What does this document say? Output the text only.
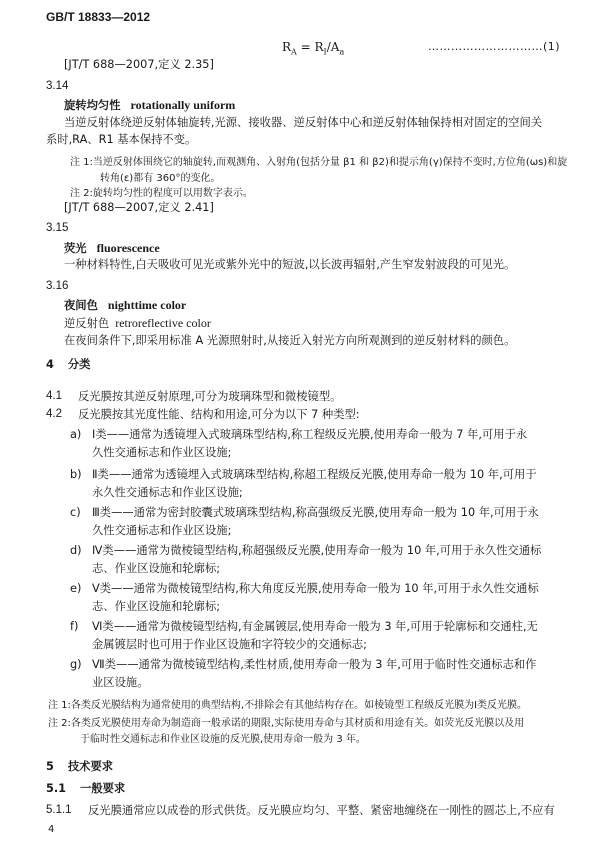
GB/T 18833—2012
$R_A = R_I/A_a$	…………………………(1)
[JT/T 688—2007,定义 2.35]
3.14
旋转均匀性 rotationally uniform
当逆反射体绕逆反射体轴旋转,光源、接收器、逆反射体中心和逆反射体轴保持相对固定的空间关
系时,RA、R1 基本保持不变。
注 1:当逆反射体围绕它的轴旋转,而观测角、入射角(包括分量 β1 和 β2)和提示角(γ)保持不变时,方位角(ωs)和旋
转角(ε)都有 360°的变化。
注 2:旋转均匀性的程度可以用数字表示。
[JT/T 688—2007,定义 2.41]
3.15
荧光 fluorescence
一种材料特性,白天吸收可见光或紫外光中的短波,以长波再辐射,产生窄发射波段的可见光。
3.16
夜间色 nighttime color
逆反射色 retroreflective color
在夜间条件下,即采用标准 A 光源照射时,从接近入射光方向所观测到的逆反射材料的颜色。
4 分类
4.1 反光膜按其逆反射原理,可分为玻璃珠型和微棱镜型。
4.2 反光膜按其光度性能、结构和用途,可分为以下 7 种类型:
a) Ⅰ类——通常为透镜埋入式玻璃珠型结构,称工程级反光膜,使用寿命一般为 7 年,可用于永
久性交通标志和作业区设施;
b) Ⅱ类——通常为透镜埋入式玻璃珠型结构,称超工程级反光膜,使用寿命一般为 10 年,可用于
永久性交通标志和作业区设施;
c) Ⅲ类——通常为密封胶囊式玻璃珠型结构,称高强级反光膜,使用寿命一般为 10 年,可用于永
久性交通标志和作业区设施;
d) Ⅳ类——通常为微棱镜型结构,称超强级反光膜,使用寿命一般为 10 年,可用于永久性交通标
志、作业区设施和轮廓标;
e) Ⅴ类——通常为微棱镜型结构,称大角度反光膜,使用寿命一般为 10 年,可用于永久性交通标
志、作业区设施和轮廓标;
f) Ⅵ类——通常为微棱镜型结构,有金属镀层,使用寿命一般为 3 年,可用于轮廓标和交通柱,无
金属镀层时也可用于作业区设施和字符较少的交通标志;
g) Ⅶ类——通常为微棱镜型结构,柔性材质,使用寿命一般为 3 年,可用于临时性交通标志和作
业区设施。
注 1:各类反光膜结构为通常使用的典型结构,不排除会有其他结构存在。如棱镜型工程级反光膜为Ⅰ类反光膜。
注 2:各类反光膜使用寿命为制造商一般承诺的期限,实际使用寿命与其材质和用途有关。如荧光反光膜以及用
于临时性交通标志和作业区设施的反光膜,使用寿命一般为 3 年。
5 技术要求
5.1 一般要求
5.1.1 反光膜通常应以成卷的形式供货。反光膜应均匀、平整、紧密地缠绕在一刚性的圆芯上,不应有
4
